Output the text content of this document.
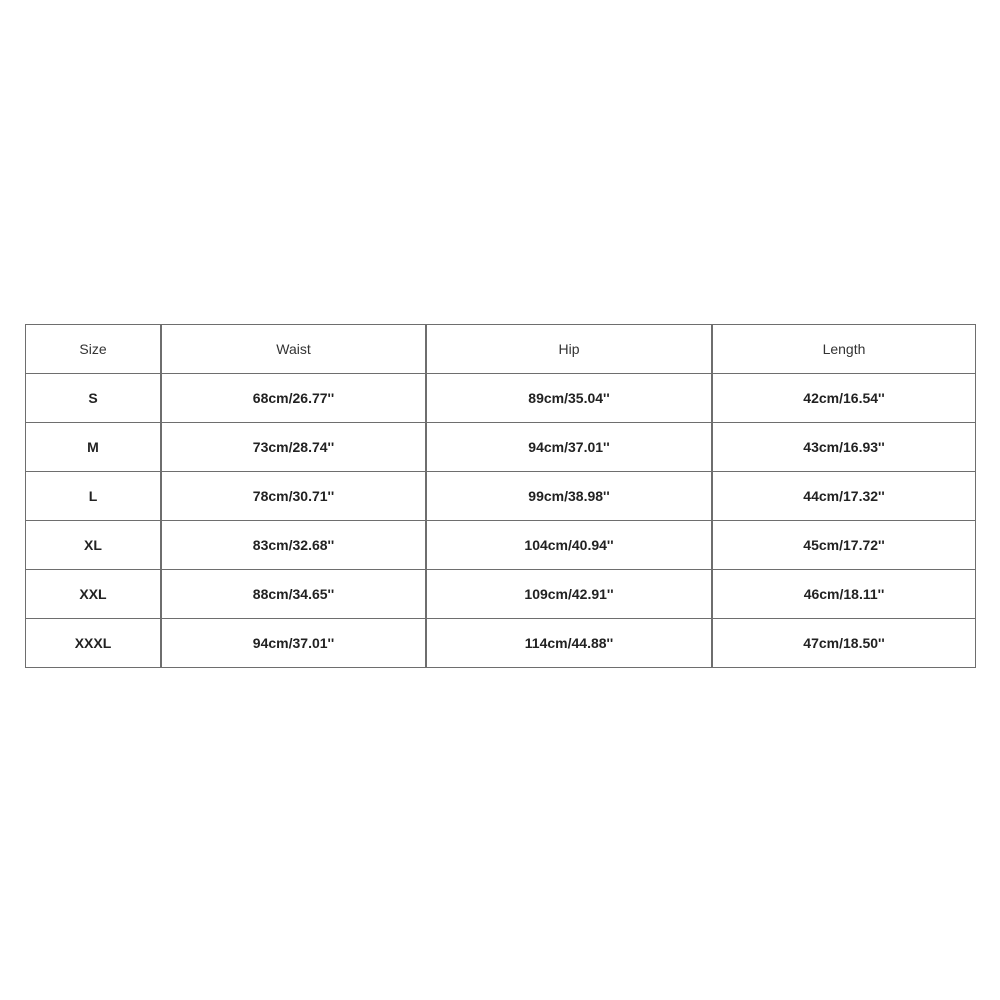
Size	Waist	Hip	Length
S	68cm/26.77''	89cm/35.04''	42cm/16.54''
M	73cm/28.74''	94cm/37.01''	43cm/16.93''
L	78cm/30.71''	99cm/38.98''	44cm/17.32''
XL	83cm/32.68''	104cm/40.94''	45cm/17.72''
XXL	88cm/34.65''	109cm/42.91''	46cm/18.11''
XXXL	94cm/37.01''	114cm/44.88''	47cm/18.50''
